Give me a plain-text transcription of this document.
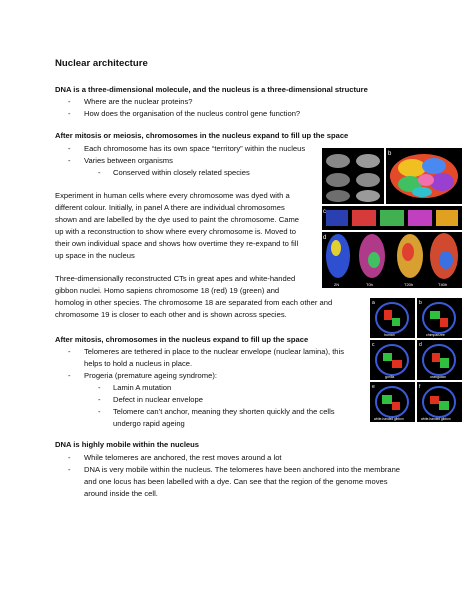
Nuclear architecture
DNA is a three-dimensional molecule, and the nucleus is a three-dimensional structure
- Where are the nuclear proteins?
- How does the organisation of the nucleus control gene function?
After mitosis or meiosis, chromosomes in the nucleus expand to fill up the space
- Each chromosome has its own space “territory” within the nucleus
- Varies between organisms
- Conserved within closely related species
Experiment in human cells where every chromosome was dyed with a
different colour. Initially, in panel A there are individual chromosomes
shown and are labelled by the dye used to paint the chromosome. Came
up with a reconstruction to show where every chromosome is. Moved to
their own individual space and shows how overtime they re-expand to fill
up space in the nucleus
Three-dimensionally reconstructed CTs in great apes and white-handed
gibbon nuclei. Homo sapiens chromosome 18 (red) 19 (green) and
homolog in other species. The chromosome 18 are separated from each other and
chromosome 19 is closer to each other and is shown across species.
After mitosis, chromosomes in the nucleus expand to fill up the space
- Telomeres are tethered in place to the nuclear envelope (nuclear lamina), this
helps to hold a nucleus in place.
- Progeria (premature ageing syndrome):
- Lamin A mutation
- Defect in nuclear envelope
- Telomere can’t anchor, meaning they shorten quickly and the cells
undergo rapid ageing
DNA is highly mobile within the nucleus
- While telomeres are anchored, the rest moves around a lot
- DNA is very mobile within the nucleus. The telomeres have been anchored into the membrane
and one locus has been labelled with a dye. Can see that the region of the genome moves
around inside the cell.
b
c
d
2N	T0h	T20h	T40h
a	b
human	chimpanzee
c	d
gorilla	orangutan
e	f
white-handed gibbon	white-handed gibbon
